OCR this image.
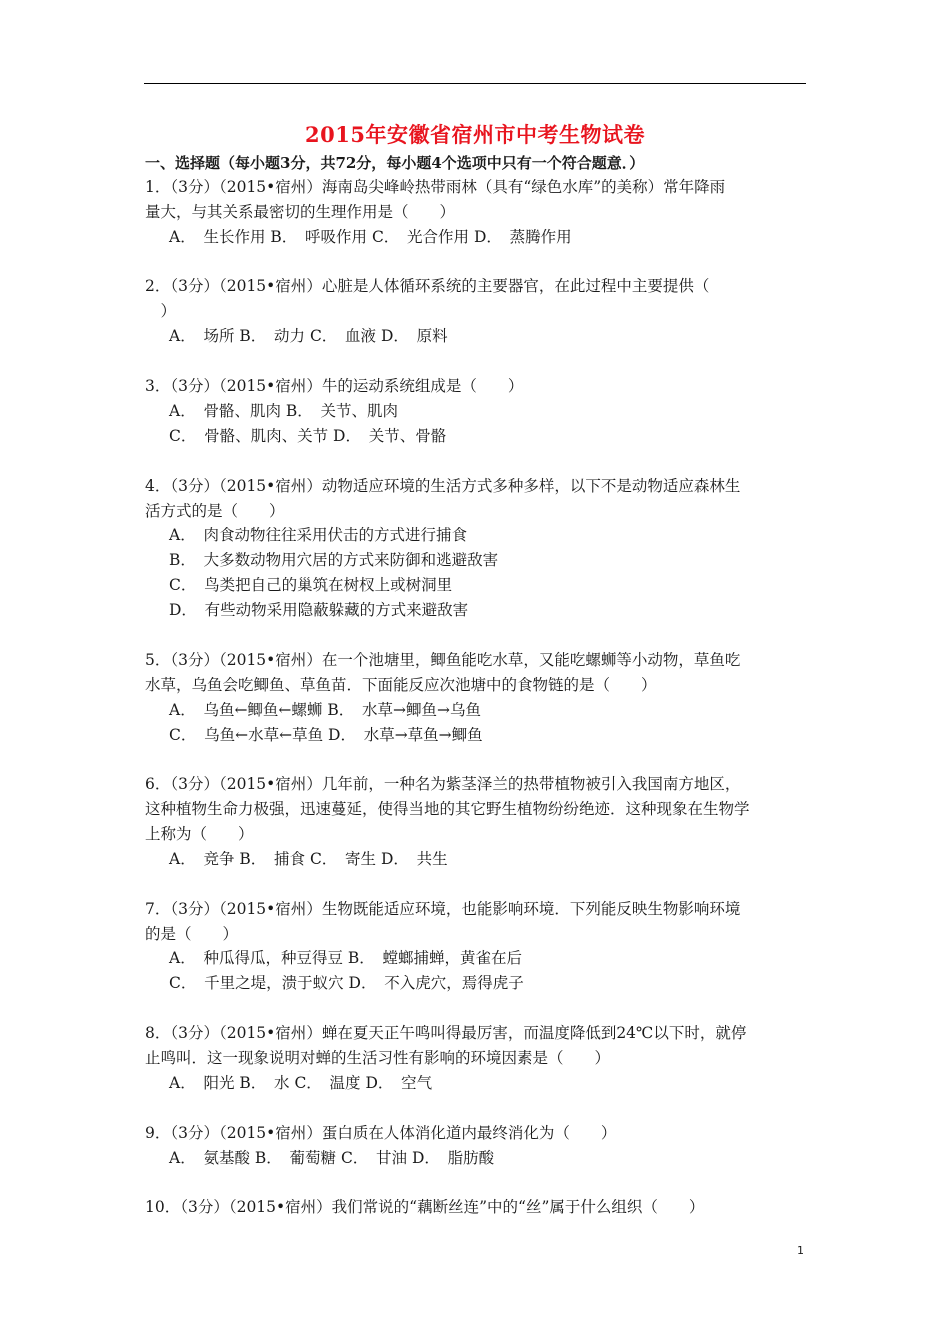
2015年安徽省宿州市中考生物试卷
一、选择题（每小题3分，共72分，每小题4个选项中只有一个符合题意．）
1．（3分）（2015•宿州）海南岛尖峰岭热带雨林（具有“绿色水库”的美称）常年降雨
量大，与其关系最密切的生理作用是（　　）
A．　生长作用 B．　呼吸作用 C．　光合作用 D．　蒸腾作用
2．（3分）（2015•宿州）心脏是人体循环系统的主要器官，在此过程中主要提供（
　）
A．　场所 B．　动力 C．　血液 D．　原料
3．（3分）（2015•宿州）牛的运动系统组成是（　　）
A．　骨骼、肌肉 B．　关节、肌肉
C．　骨骼、肌肉、关节 D．　关节、骨骼
4．（3分）（2015•宿州）动物适应环境的生活方式多种多样，以下不是动物适应森林生
活方式的是（　　）
A．　肉食动物往往采用伏击的方式进行捕食
B．　大多数动物用穴居的方式来防御和逃避敌害
C．　鸟类把自己的巢筑在树杈上或树洞里
D．　有些动物采用隐蔽躲藏的方式来避敌害
5．（3分）（2015•宿州）在一个池塘里，鲫鱼能吃水草，又能吃螺蛳等小动物，草鱼吃
水草，乌鱼会吃鲫鱼、草鱼苗．下面能反应次池塘中的食物链的是（　　）
A．　乌鱼←鲫鱼←螺蛳 B．　水草→鲫鱼→乌鱼
C．　乌鱼←水草←草鱼 D．　水草→草鱼→鲫鱼
6．（3分）（2015•宿州）几年前，一种名为紫茎泽兰的热带植物被引入我国南方地区，
这种植物生命力极强，迅速蔓延，使得当地的其它野生植物纷纷绝迹．这种现象在生物学
上称为（　　）
A．　竞争 B．　捕食 C．　寄生 D．　共生
7．（3分）（2015•宿州）生物既能适应环境，也能影响环境．下列能反映生物影响环境
的是（　　）
A．　种瓜得瓜，种豆得豆 B．　螳螂捕蝉，黄雀在后
C．　千里之堤，溃于蚁穴 D．　不入虎穴，焉得虎子
8．（3分）（2015•宿州）蝉在夏天正午鸣叫得最厉害，而温度降低到24℃以下时，就停
止鸣叫．这一现象说明对蝉的生活习性有影响的环境因素是（　　）
A．　阳光 B．　水 C．　温度 D．　空气
9．（3分）（2015•宿州）蛋白质在人体消化道内最终消化为（　　）
A．　氨基酸 B．　葡萄糖 C．　甘油 D．　脂肪酸
10．（3分）（2015•宿州）我们常说的“藕断丝连”中的“丝”属于什么组织（　　）
1
